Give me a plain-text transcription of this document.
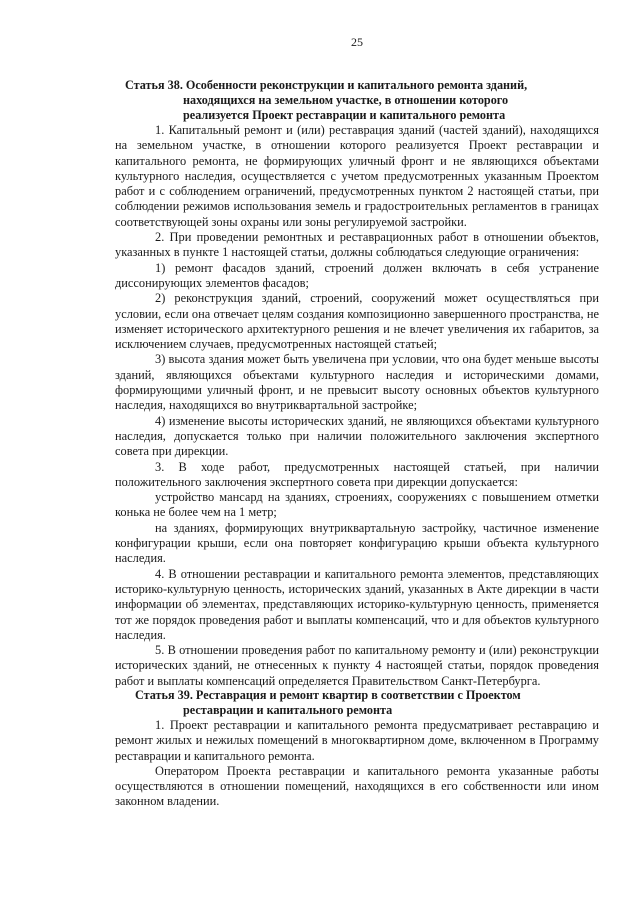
25
Статья 38. Особенности реконструкции и капитального ремонта зданий,
находящихся на земельном участке, в отношении которого
реализуется Проект реставрации и капитального ремонта

1. Капитальный ремонт и (или) реставрация зданий (частей зданий), находящихся на земельном участке, в отношении которого реализуется Проект реставрации и капитального ремонта, не формирующих уличный фронт и не являющихся объектами культурного наследия, осуществляется с учетом предусмотренных указанным Проектом работ и с соблюдением ограничений, предусмотренных пунктом 2 настоящей статьи, при соблюдении режимов использования земель и градостроительных регламентов в границах соответствующей зоны охраны или зоны регулируемой застройки.

2. При проведении ремонтных и реставрационных работ в отношении объектов, указанных в пункте 1 настоящей статьи, должны соблюдаться следующие ограничения:

1) ремонт фасадов зданий, строений должен включать в себя устранение диссонирующих элементов фасадов;

2) реконструкция зданий, строений, сооружений может осуществляться при условии, если она отвечает целям создания композиционно завершенного пространства, не изменяет исторического архитектурного решения и не влечет увеличения их габаритов, за исключением случаев, предусмотренных настоящей статьей;

3) высота здания может быть увеличена при условии, что она будет меньше высоты зданий, являющихся объектами культурного наследия и историческими домами, формирующими уличный фронт, и не превысит высоту основных объектов культурного наследия, находящихся во внутриквартальной застройке;

4) изменение высоты исторических зданий, не являющихся объектами культурного наследия, допускается только при наличии положительного заключения экспертного совета при дирекции.

3. В ходе работ, предусмотренных настоящей статьей, при наличии положительного заключения экспертного совета при дирекции допускается:

устройство мансард на зданиях, строениях, сооружениях с повышением отметки конька не более чем на 1 метр;

на зданиях, формирующих внутриквартальную застройку, частичное изменение конфигурации крыши, если она повторяет конфигурацию крыши объекта культурного наследия.

4. В отношении реставрации и капитального ремонта элементов, представляющих историко-культурную ценность, исторических зданий, указанных в Акте дирекции в части информации об элементах, представляющих историко-культурную ценность, применяется тот же порядок проведения работ и выплаты компенсаций, что и для объектов культурного наследия.

5. В отношении проведения работ по капитальному ремонту и (или) реконструкции исторических зданий, не отнесенных к пункту 4 настоящей статьи, порядок проведения работ и выплаты компенсаций определяется Правительством Санкт-Петербурга.

Статья 39. Реставрация и ремонт квартир в соответствии с Проектом
реставрации и капитального ремонта

1. Проект реставрации и капитального ремонта предусматривает реставрацию и ремонт жилых и нежилых помещений в многоквартирном доме, включенном в Программу реставрации и капитального ремонта.

Оператором Проекта реставрации и капитального ремонта указанные работы осуществляются в отношении помещений, находящихся в его собственности или ином законном владении.
